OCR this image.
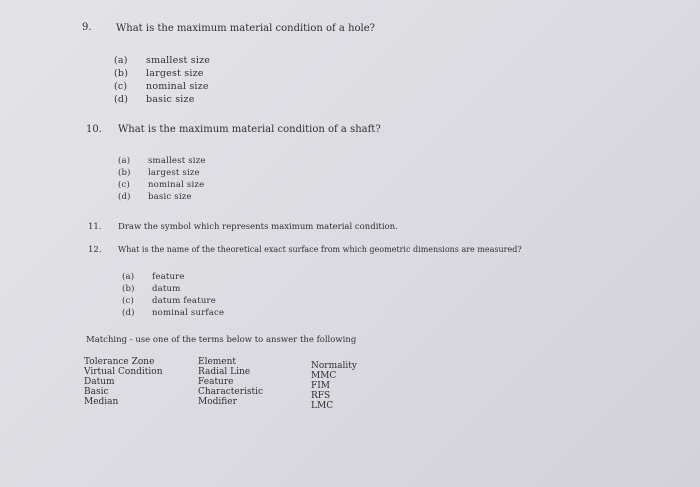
9. What is the maximum material condition of a hole?
(a) smallest size
(b) largest size
(c) nominal size
(d) basic size
10. What is the maximum material condition of a shaft?
(a) smallest size
(b) largest size
(c) nominal size
(d) basic size
11. Draw the symbol which represents maximum material condition.
12. What is the name of the theoretical exact surface from which geometric dimensions are measured?
(a) feature
(b) datum
(c) datum feature
(d) nominal surface
Matching - use one of the terms below to answer the following
Tolerance Zone
Virtual Condition
Datum
Basic
Median
Element
Radial Line
Feature
Characteristic
Modifier
Normality
MMC
FIM
RFS
LMC
